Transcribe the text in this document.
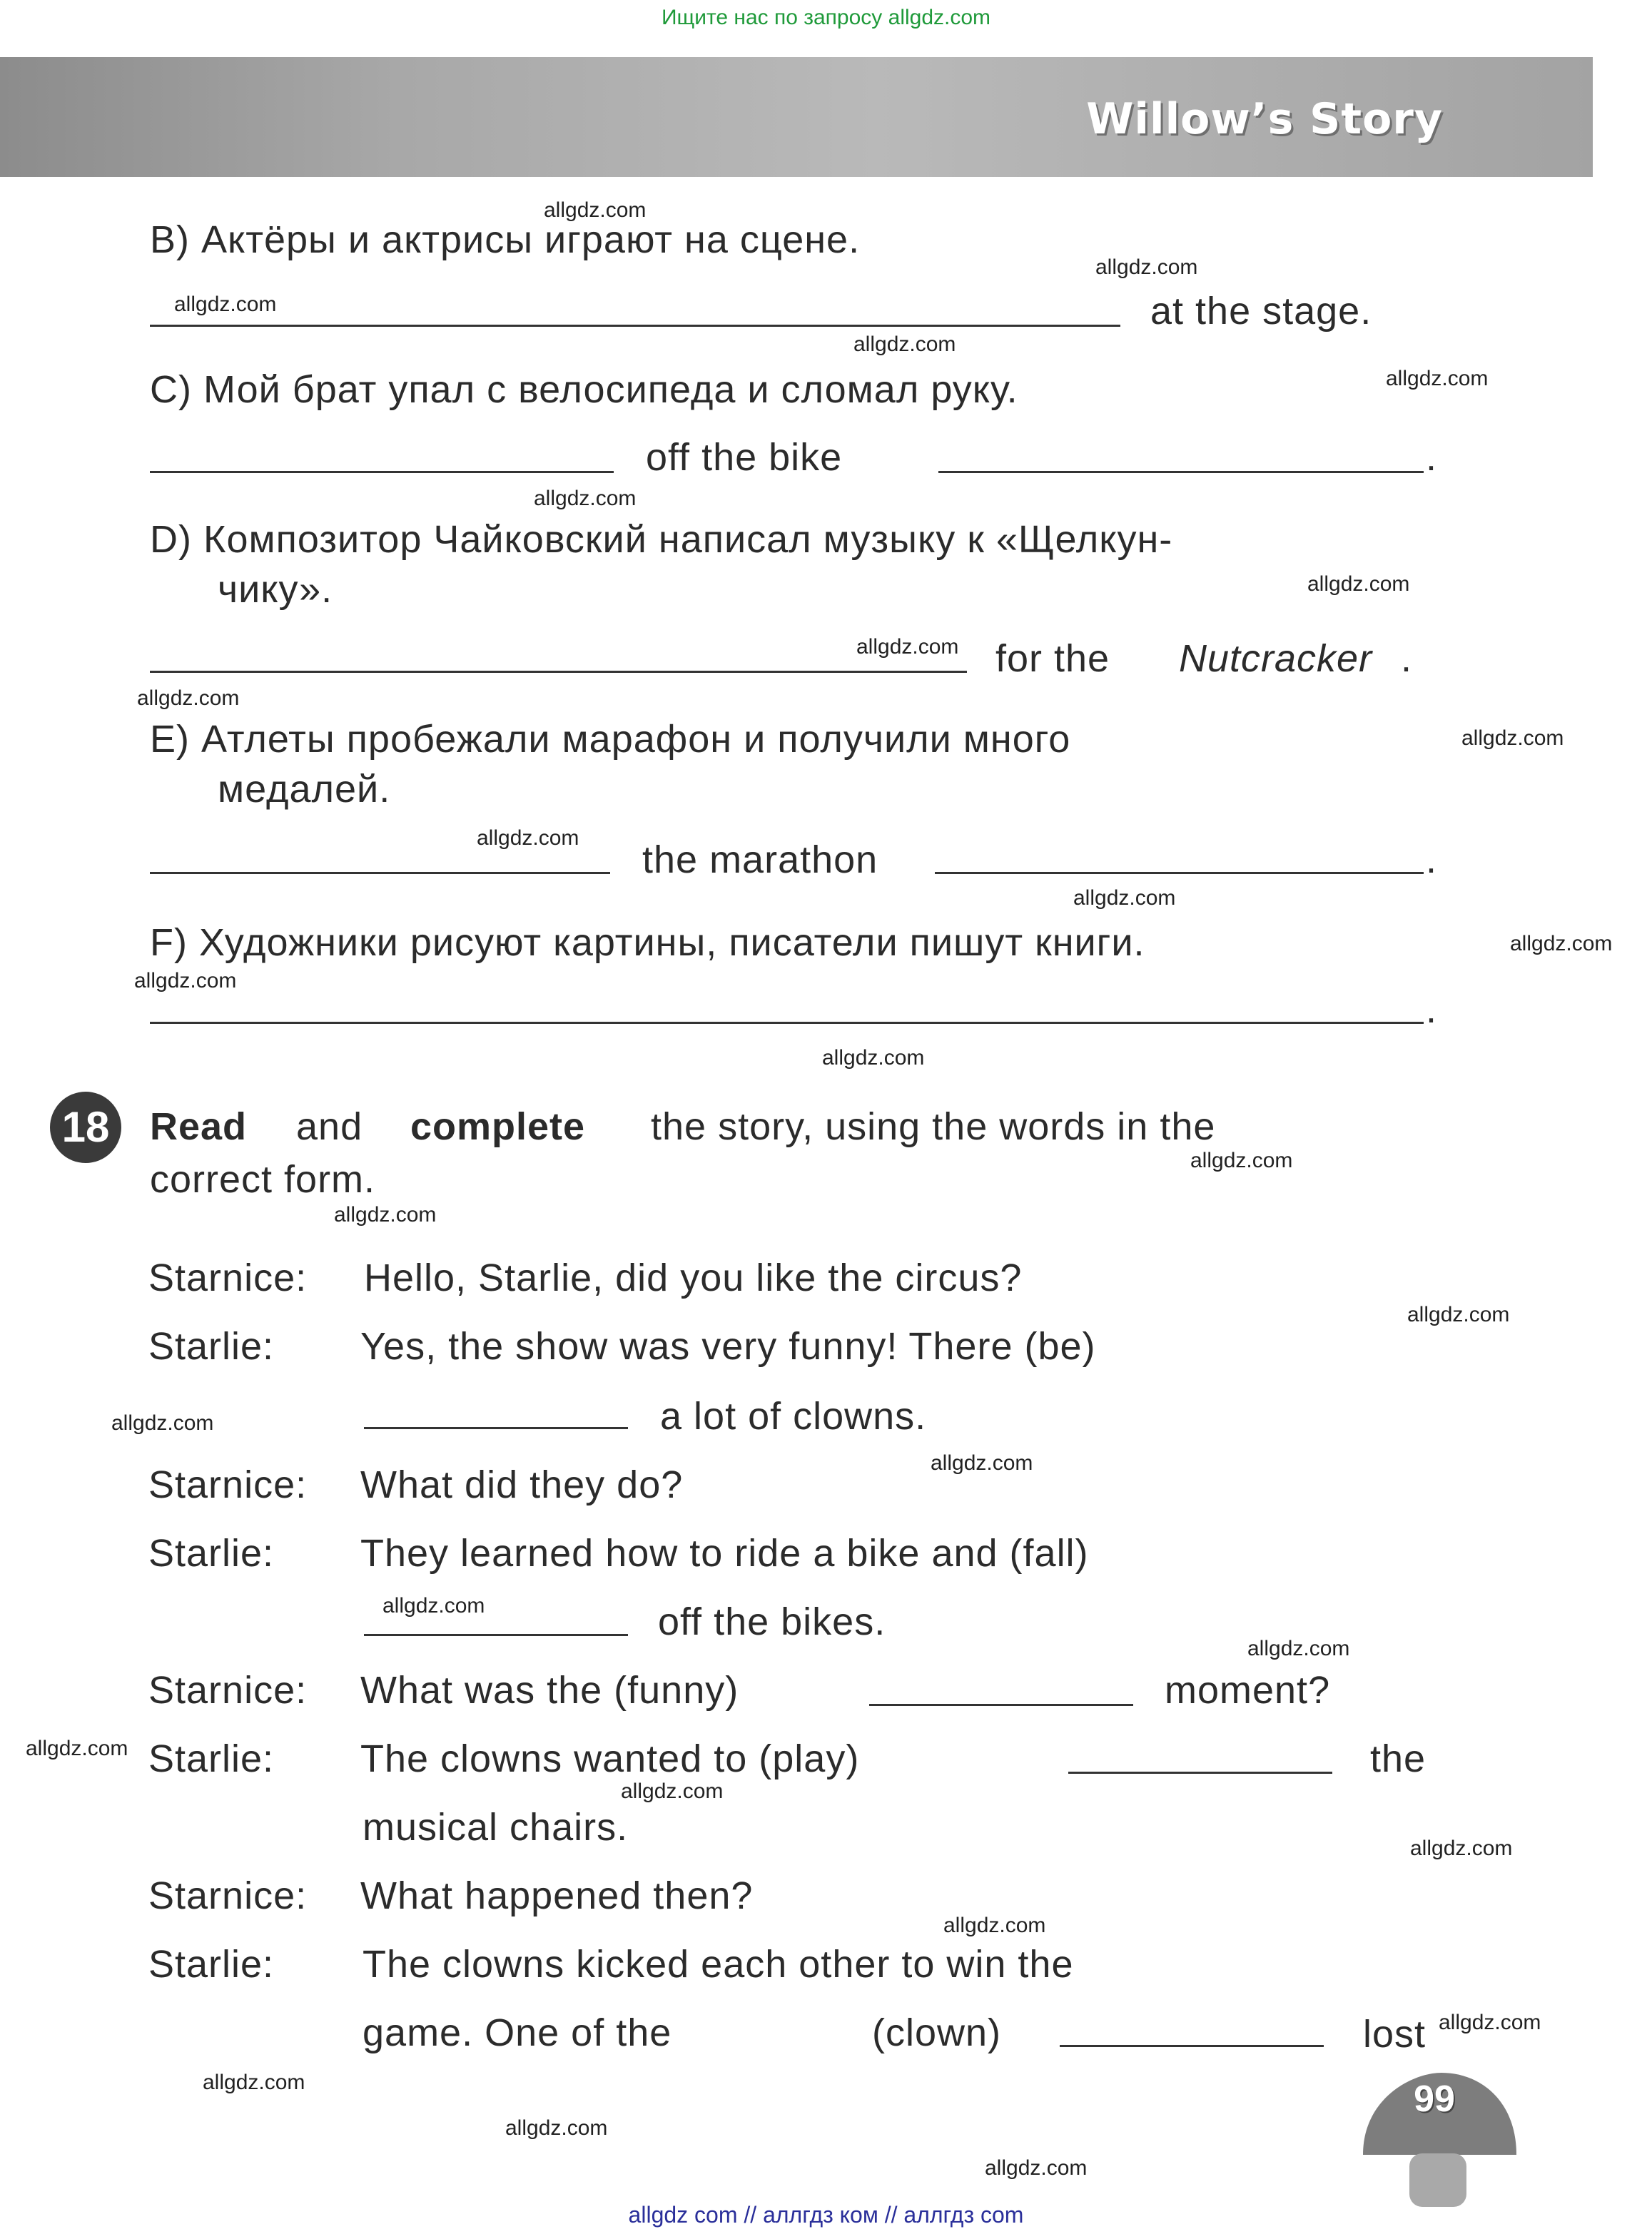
Ищите нас по запросу allgdz.com
Willow’s Story
B) Актёры и актрисы играют на сцене.
at the stage.
C) Мой брат упал с велосипеда и сломал руку.
off the bike	.
D) Композитор Чайковский написал музыку к «Щелкун-
чику».
for the Nutcracker .
E) Атлеты пробежали марафон и получили много
медалей.
the marathon	.
F) Художники рисуют картины, писатели пишут книги.
.
18	Read and complete the story, using the words in the
correct form.
Starnice: Hello, Starlie, did you like the circus?
Starlie: Yes, the show was very funny! There (be)
a lot of clowns.
Starnice: What did they do?
Starlie: They learned how to ride a bike and (fall)
off the bikes.
Starnice: What was the (funny)	moment?
Starlie: The clowns wanted to (play)	the
musical chairs.
Starnice: What happened then?
Starlie: The clowns kicked each other to win the
game. One of the	(clown)	lost
99
allgdz.com
allgdz.com
allgdz.com
allgdz.com
allgdz.com
allgdz.com
allgdz.com
allgdz.com
allgdz.com
allgdz.com
allgdz.com
allgdz.com
allgdz.com
allgdz.com
allgdz.com
allgdz.com
allgdz.com
allgdz.com
allgdz.com
allgdz.com
allgdz.com
allgdz.com
allgdz.com
allgdz.com
allgdz.com
allgdz.com
allgdz.com
allgdz.com
allgdz.com
allgdz.com
allgdz com // аллгдз ком // аллгдз com
